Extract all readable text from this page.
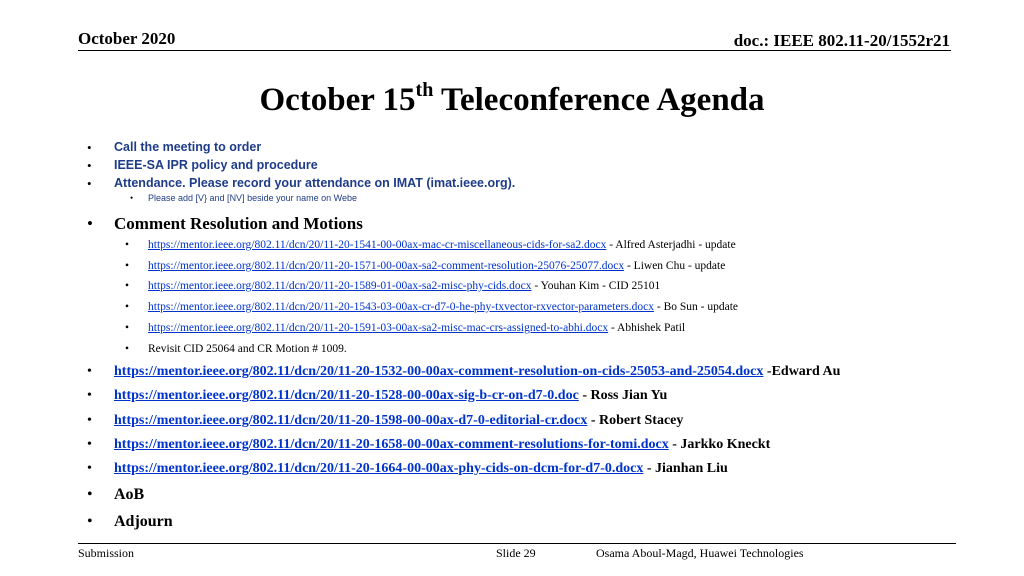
October 2020	doc.: IEEE 802.11-20/1552r21
October 15th Teleconference Agenda
• Call the meeting to order
• IEEE-SA IPR policy and procedure
• Attendance. Please record your attendance on IMAT (imat.ieee.org).
• Please add [V} and [NV] beside your name on Webe
• Comment Resolution and Motions
• https://mentor.ieee.org/802.11/dcn/20/11-20-1541-00-00ax-mac-cr-miscellaneous-cids-for-sa2.docx - Alfred Asterjadhi - update
• https://mentor.ieee.org/802.11/dcn/20/11-20-1571-00-00ax-sa2-comment-resolution-25076-25077.docx - Liwen Chu - update
• https://mentor.ieee.org/802.11/dcn/20/11-20-1589-01-00ax-sa2-misc-phy-cids.docx - Youhan Kim - CID 25101
• https://mentor.ieee.org/802.11/dcn/20/11-20-1543-03-00ax-cr-d7-0-he-phy-txvector-rxvector-parameters.docx - Bo Sun - update
• https://mentor.ieee.org/802.11/dcn/20/11-20-1591-03-00ax-sa2-misc-mac-crs-assigned-to-abhi.docx - Abhishek Patil
• Revisit CID 25064 and CR Motion # 1009.
• https://mentor.ieee.org/802.11/dcn/20/11-20-1532-00-00ax-comment-resolution-on-cids-25053-and-25054.docx -Edward Au
• https://mentor.ieee.org/802.11/dcn/20/11-20-1528-00-00ax-sig-b-cr-on-d7-0.doc - Ross Jian Yu
• https://mentor.ieee.org/802.11/dcn/20/11-20-1598-00-00ax-d7-0-editorial-cr.docx - Robert Stacey
• https://mentor.ieee.org/802.11/dcn/20/11-20-1658-00-00ax-comment-resolutions-for-tomi.docx - Jarkko Kneckt
• https://mentor.ieee.org/802.11/dcn/20/11-20-1664-00-00ax-phy-cids-on-dcm-for-d7-0.docx - Jianhan Liu
• AoB
• Adjourn
Submission	Slide 29	Osama Aboul-Magd, Huawei Technologies
